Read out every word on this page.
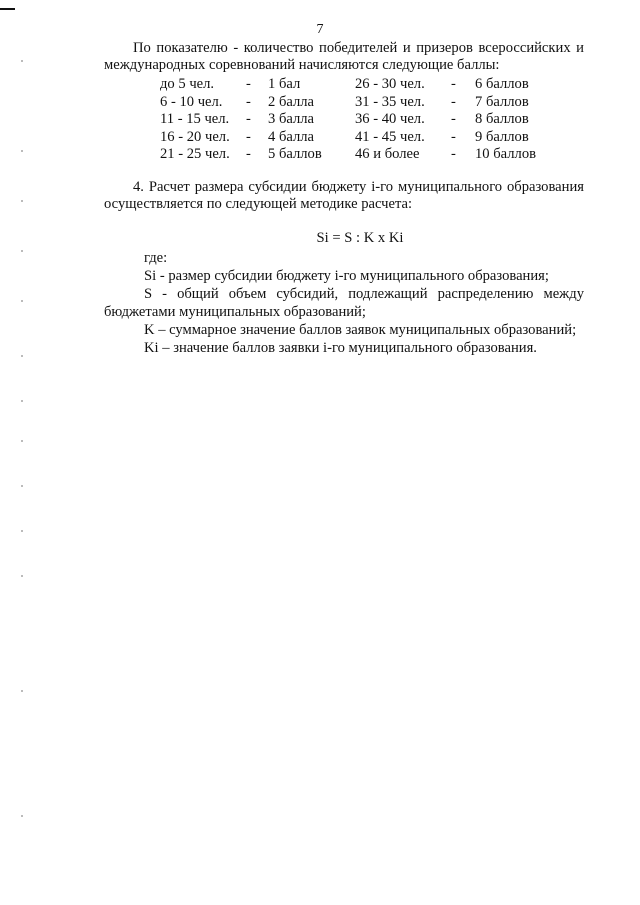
7

По показателю - количество победителей и призеров всероссийских и международных соревнований начисляются следующие баллы:

до 5 чел.	-	1 бал	26 - 30 чел.	-	6 баллов
6 - 10 чел.	-	2 балла	31 - 35 чел.	-	7 баллов
11 - 15 чел.	-	3 балла	36 - 40 чел.	-	8 баллов
16 - 20 чел.	-	4 балла	41 - 45 чел.	-	9 баллов
21 - 25 чел.	-	5 баллов	46 и более	-	10 баллов

4. Расчет размера субсидии бюджету i-го муниципального образования осуществляется по следующей методике расчета:

Si = S : K x Ki

где:

Si - размер субсидии бюджету i-го муниципального образования;

S - общий объем субсидий, подлежащий распределению между бюджетами муниципальных образований;

K – суммарное значение баллов заявок муниципальных образований;

Ki – значение баллов заявки i-го муниципального образования.
